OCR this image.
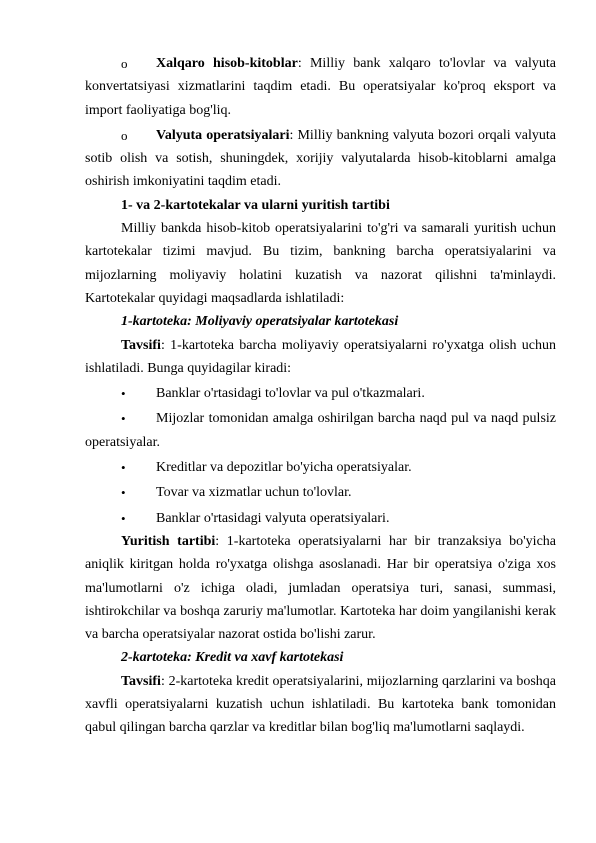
o	Xalqaro hisob-kitoblar: Milliy bank xalqaro to'lovlar va valyuta konvertatsiyasi xizmatlarini taqdim etadi. Bu operatsiyalar ko'proq eksport va import faoliyatiga bog'liq.

o	Valyuta operatsiyalari: Milliy bankning valyuta bozori orqali valyuta sotib olish va sotish, shuningdek, xorijiy valyutalarda hisob-kitoblarni amalga oshirish imkoniyatini taqdim etadi.

1- va 2-kartotekalar va ularni yuritish tartibi

Milliy bankda hisob-kitob operatsiyalarini to'g'ri va samarali yuritish uchun kartotekalar tizimi mavjud. Bu tizim, bankning barcha operatsiyalarini va mijozlarning moliyaviy holatini kuzatish va nazorat qilishni ta'minlaydi. Kartotekalar quyidagi maqsadlarda ishlatiladi:

1-kartoteka: Moliyaviy operatsiyalar kartotekasi

Tavsifi: 1-kartoteka barcha moliyaviy operatsiyalarni ro'yxatga olish uchun ishlatiladi. Bunga quyidagilar kiradi:

•	Banklar o'rtasidagi to'lovlar va pul o'tkazmalari.

•	Mijozlar tomonidan amalga oshirilgan barcha naqd pul va naqd pulsiz operatsiyalar.

•	Kreditlar va depozitlar bo'yicha operatsiyalar.

•	Tovar va xizmatlar uchun to'lovlar.

•	Banklar o'rtasidagi valyuta operatsiyalari.

Yuritish tartibi: 1-kartoteka operatsiyalarni har bir tranzaksiya bo'yicha aniqlik kiritgan holda ro'yxatga olishga asoslanadi. Har bir operatsiya o'ziga xos ma'lumotlarni o'z ichiga oladi, jumladan operatsiya turi, sanasi, summasi, ishtirokchilar va boshqa zaruriy ma'lumotlar. Kartoteka har doim yangilanishi kerak va barcha operatsiyalar nazorat ostida bo'lishi zarur.

2-kartoteka: Kredit va xavf kartotekasi

Tavsifi: 2-kartoteka kredit operatsiyalarini, mijozlarning qarzlarini va boshqa xavfli operatsiyalarni kuzatish uchun ishlatiladi. Bu kartoteka bank tomonidan qabul qilingan barcha qarzlar va kreditlar bilan bog'liq ma'lumotlarni saqlaydi.
